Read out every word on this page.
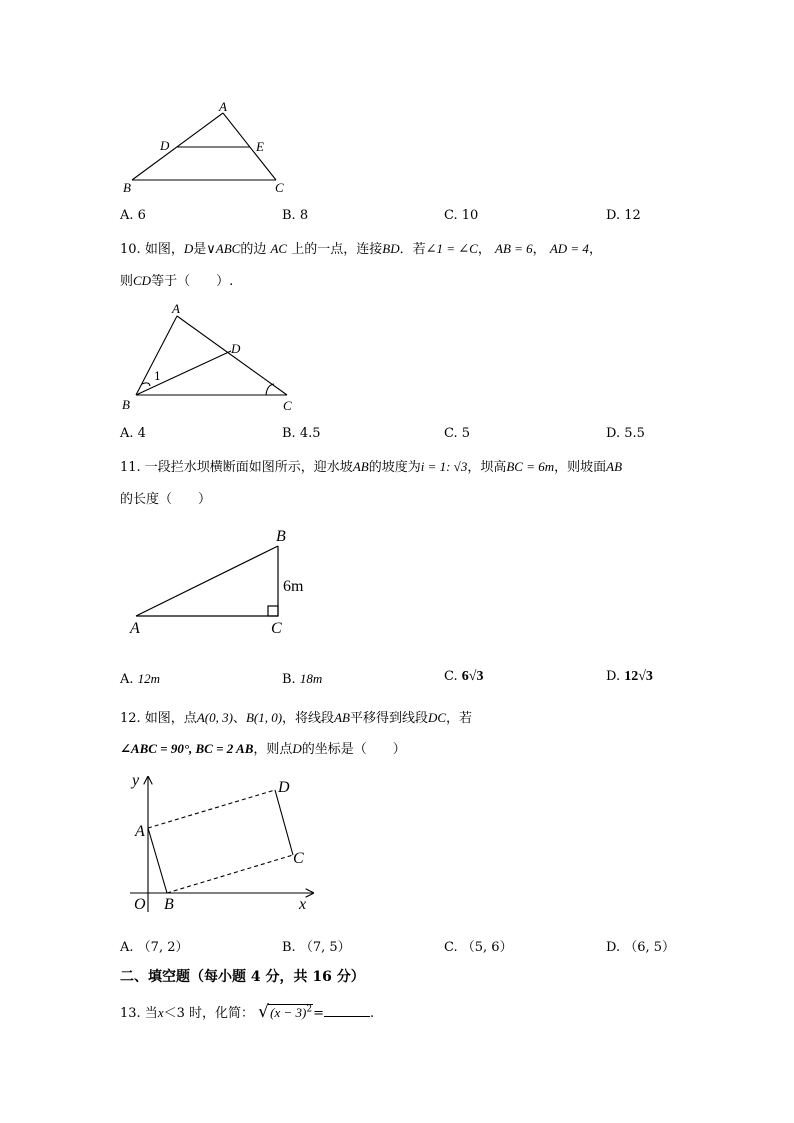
A
D	E
B	C
A. 6	B. 8	C. 10	D. 12
10. 如图，D是∨ABC的边 AC 上的一点，连接BD．若∠1 = ∠C， AB = 6， AD = 4，
则CD等于（　　）.
A
D
B	C
1
A. 4	B. 4.5	C. 5	D. 5.5
11. 一段拦水坝横断面如图所示，迎水坡AB的坡度为i = 1: √3，坝高BC = 6m，则坡面AB
的长度（　　）
B
A	C
6m
A. 12m	B. 18m	C. 6√3	D. 12√3
12. 如图，点A(0, 3)、B(1, 0)，将线段AB平移得到线段DC，若
∠ABC = 90°, BC = 2 AB，则点D的坐标是（　　）
y
x
O
A
B
C
D
A. （7, 2）	B. （7, 5）	C. （5, 6）	D. （6, 5）
二、填空题（每小题 4 分，共 16 分）
13. 当x＜3 时，化简： √ $(x - 3)^2=$	.
